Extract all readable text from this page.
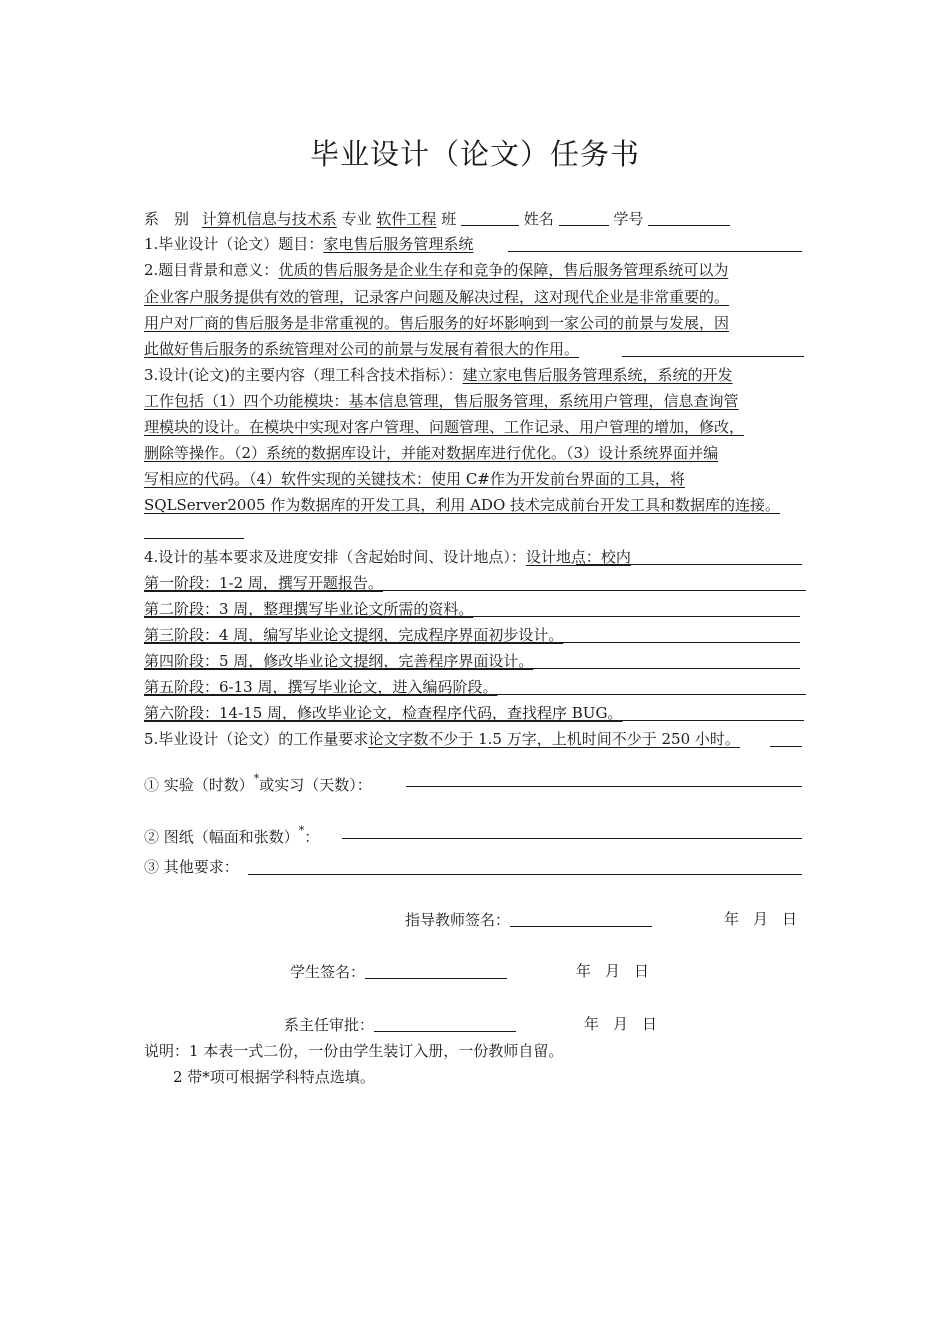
毕业设计（论文）任务书
系　别 计算机信息与技术系 专业 软件工程 班	姓名	学号
1.毕业设计（论文）题目：家电售后服务管理系统
2.题目背景和意义：优质的售后服务是企业生存和竞争的保障，售后服务管理系统可以为
企业客户服务提供有效的管理，记录客户问题及解决过程，这对现代企业是非常重要的。
用户对厂商的售后服务是非常重视的。售后服务的好坏影响到一家公司的前景与发展，因
此做好售后服务的系统管理对公司的前景与发展有着很大的作用。
3.设计(论文)的主要内容（理工科含技术指标）：建立家电售后服务管理系统，系统的开发
工作包括（1）四个功能模块：基本信息管理，售后服务管理，系统用户管理，信息查询管
理模块的设计。在模块中实现对客户管理、问题管理、工作记录、用户管理的增加，修改，
删除等操作。（2）系统的数据库设计，并能对数据库进行优化。（3）设计系统界面并编
写相应的代码。（4）软件实现的关键技术：使用 C#作为开发前台界面的工具，将
SQLServer2005 作为数据库的开发工具，利用 ADO 技术完成前台开发工具和数据库的连接。
4.设计的基本要求及进度安排（含起始时间、设计地点）：设计地点：校内
第一阶段：1-2 周，撰写开题报告。
第二阶段：3 周，整理撰写毕业论文所需的资料。
第三阶段：4 周，编写毕业论文提纲，完成程序界面初步设计。
第四阶段：5 周，修改毕业论文提纲，完善程序界面设计。
第五阶段：6-13 周，撰写毕业论文，进入编码阶段。
第六阶段：14-15 周，修改毕业论文，检查程序代码，查找程序 BUG。
5.毕业设计（论文）的工作量要求论文字数不少于 1.5 万字，上机时间不少于 250 小时。
① 实验（时数）*或实习（天数）：
② 图纸（幅面和张数）*：
③ 其他要求：
指导教师签名：	年 月 日
学生签名：	年 月 日
系主任审批：	年 月 日
说明：1 本表一式二份，一份由学生装订入册，一份教师自留。
2 带*项可根据学科特点选填。
